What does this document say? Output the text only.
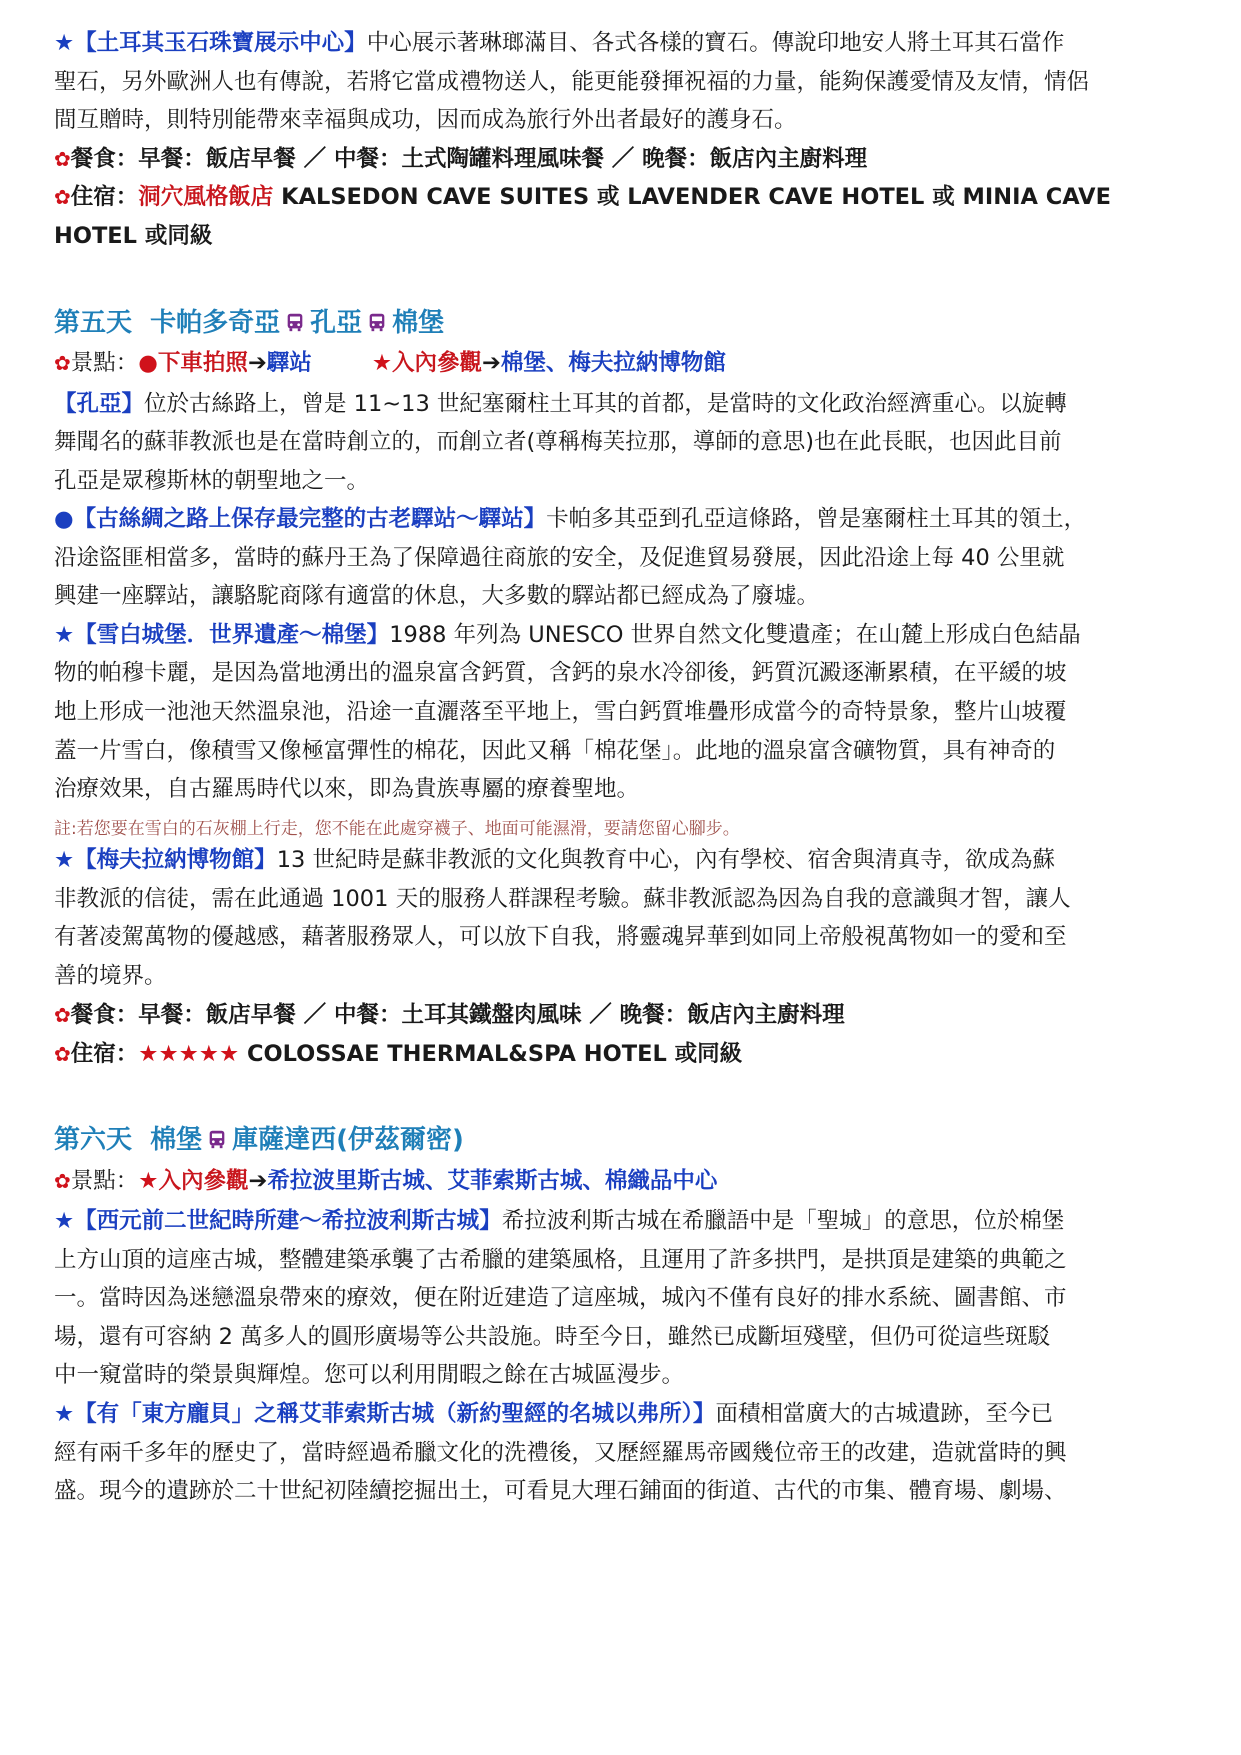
★【土耳其玉石珠寶展示中心】中心展示著琳瑯滿目、各式各樣的寶石。傳說印地安人將土耳其石當作
聖石，另外歐洲人也有傳說，若將它當成禮物送人，能更能發揮祝福的力量，能夠保護愛情及友情，情侶
間互贈時，則特別能帶來幸福與成功，因而成為旅行外出者最好的護身石。
✿餐食：早餐：飯店早餐 ／ 中餐：土式陶罐料理風味餐 ／ 晚餐：飯店內主廚料理
✿住宿：洞穴風格飯店 KALSEDON CAVE SUITES 或 LAVENDER CAVE HOTEL 或 MINIA CAVE
HOTEL 或同級
第五天 卡帕多奇亞 孔亞 棉堡
✿景點：●下車拍照➔驛站	★入內參觀➔棉堡、梅夫拉納博物館
【孔亞】位於古絲路上，曾是 11~13 世紀塞爾柱土耳其的首都，是當時的文化政治經濟重心。以旋轉
舞聞名的蘇菲教派也是在當時創立的，而創立者(尊稱梅芙拉那，導師的意思)也在此長眠，也因此目前
孔亞是眾穆斯林的朝聖地之一。
●【古絲綢之路上保存最完整的古老驛站～驛站】卡帕多其亞到孔亞這條路，曾是塞爾柱土耳其的領土，
沿途盜匪相當多，當時的蘇丹王為了保障過往商旅的安全，及促進貿易發展，因此沿途上每 40 公里就
興建一座驛站，讓駱駝商隊有適當的休息，大多數的驛站都已經成為了廢墟。
★【雪白城堡．世界遺產～棉堡】1988 年列為 UNESCO 世界自然文化雙遺產；在山麓上形成白色結晶
物的帕穆卡麗，是因為當地湧出的溫泉富含鈣質，含鈣的泉水冷卻後，鈣質沉澱逐漸累積，在平緩的坡
地上形成一池池天然溫泉池，沿途一直灑落至平地上，雪白鈣質堆疊形成當今的奇特景象，整片山坡覆
蓋一片雪白，像積雪又像極富彈性的棉花，因此又稱「棉花堡」。此地的溫泉富含礦物質，具有神奇的
治療效果，自古羅馬時代以來，即為貴族專屬的療養聖地。
註:若您要在雪白的石灰棚上行走，您不能在此處穿襪子、地面可能濕滑，要請您留心腳步。
★【梅夫拉納博物館】13 世紀時是蘇非教派的文化與教育中心，內有學校、宿舍與清真寺，欲成為蘇
非教派的信徒，需在此通過 1001 天的服務人群課程考驗。蘇非教派認為因為自我的意識與才智，讓人
有著凌駕萬物的優越感，藉著服務眾人，可以放下自我，將靈魂昇華到如同上帝般視萬物如一的愛和至
善的境界。
✿餐食：早餐：飯店早餐 ／ 中餐：土耳其鐵盤肉風味 ／ 晚餐：飯店內主廚料理
✿住宿：★★★★★ COLOSSAE THERMAL&SPA HOTEL 或同級
第六天 棉堡 庫薩達西(伊茲爾密)
✿景點：★入內參觀➔希拉波里斯古城、艾菲索斯古城、棉織品中心
★【西元前二世紀時所建～希拉波利斯古城】希拉波利斯古城在希臘語中是「聖城」的意思，位於棉堡
上方山頂的這座古城，整體建築承襲了古希臘的建築風格，且運用了許多拱門，是拱頂是建築的典範之
一。當時因為迷戀溫泉帶來的療效，便在附近建造了這座城，城內不僅有良好的排水系統、圖書館、市
場，還有可容納 2 萬多人的圓形廣場等公共設施。時至今日，雖然已成斷垣殘壁，但仍可從這些斑駁
中一窺當時的榮景與輝煌。您可以利用閒暇之餘在古城區漫步。
★【有「東方龐貝」之稱艾菲索斯古城（新約聖經的名城以弗所）】面積相當廣大的古城遺跡，至今已
經有兩千多年的歷史了，當時經過希臘文化的洗禮後，又歷經羅馬帝國幾位帝王的改建，造就當時的興
盛。現今的遺跡於二十世紀初陸續挖掘出土，可看見大理石鋪面的街道、古代的市集、體育場、劇場、
